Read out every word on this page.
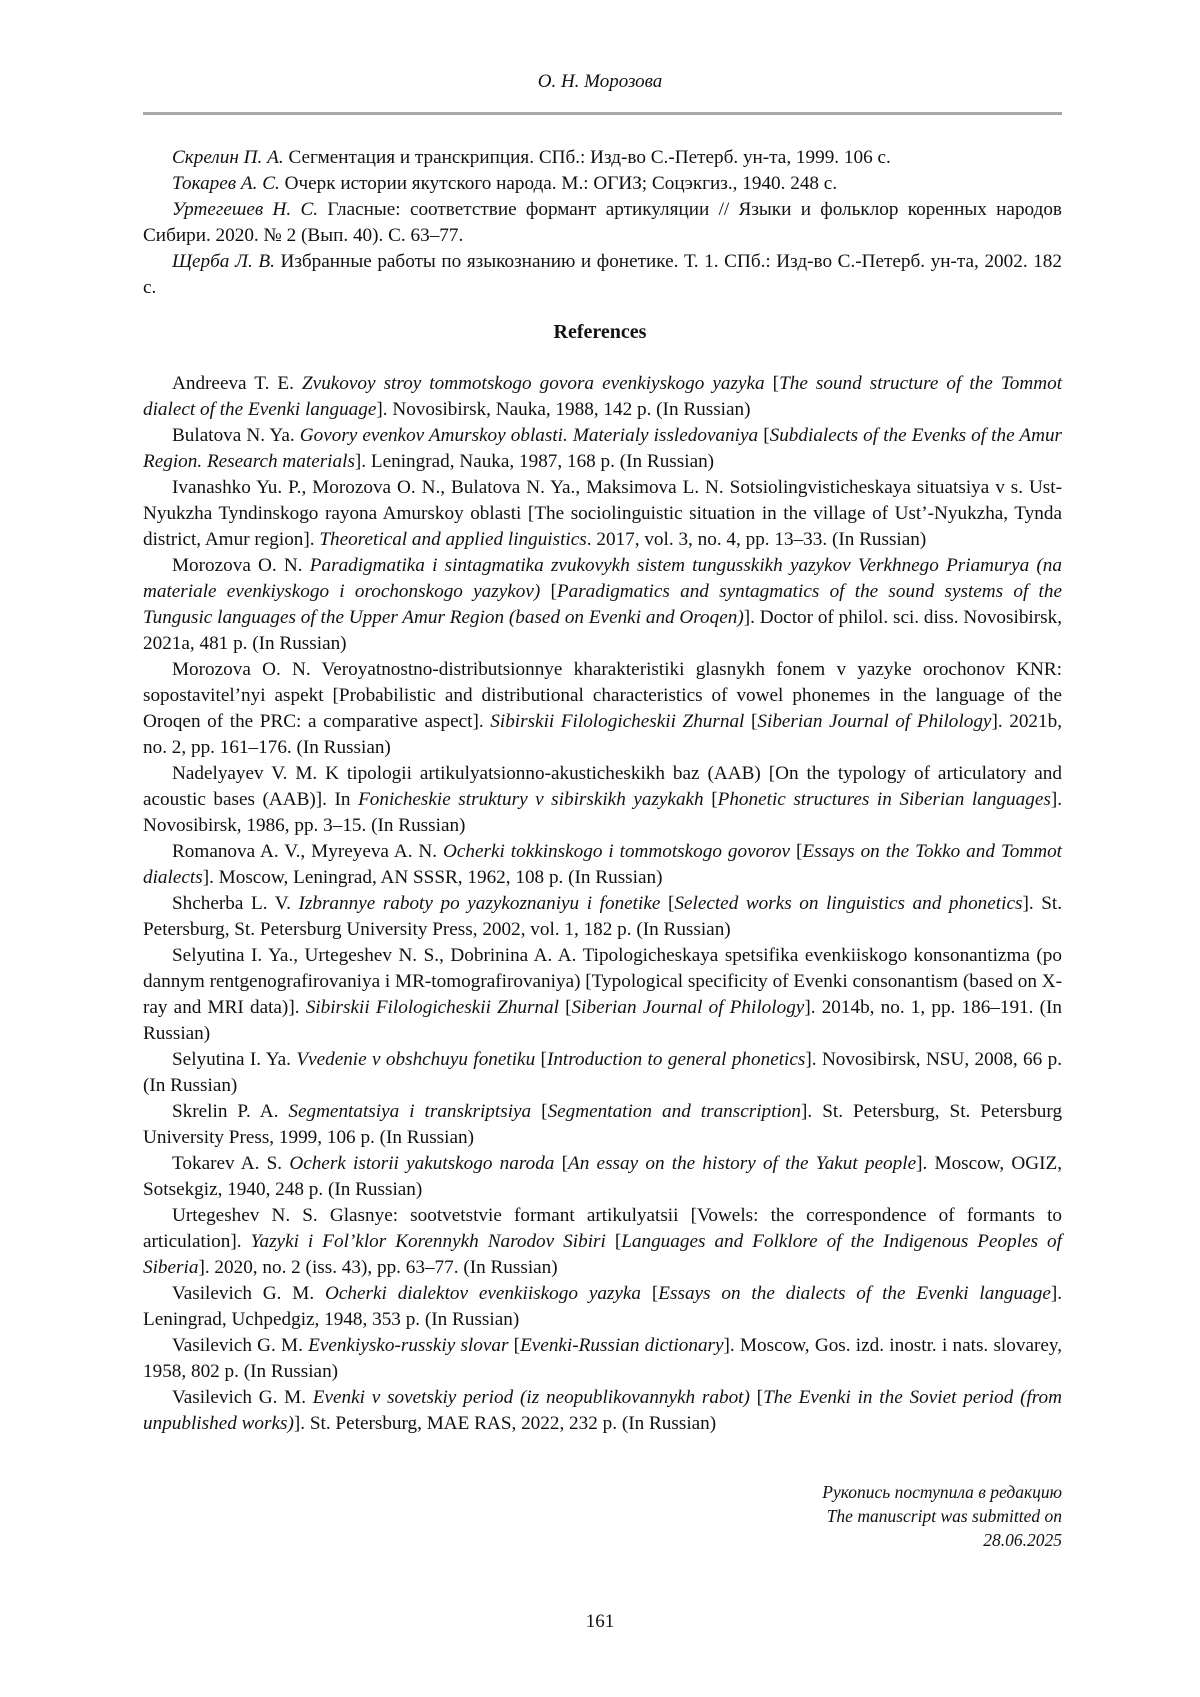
О. Н. Морозова

Скрелин П. А. Сегментация и транскрипция. СПб.: Изд-во С.-Петерб. ун-та, 1999. 106 с.

Токарев А. С. Очерк истории якутского народа. М.: ОГИЗ; Соцэкгиз., 1940. 248 с.

Уртегешев Н. С. Гласные: соответствие формант артикуляции // Языки и фольклор коренных народов Сибири. 2020. № 2 (Вып. 40). С. 63–77.

Щерба Л. В. Избранные работы по языкознанию и фонетике. Т. 1. СПб.: Изд-во С.-Петерб. ун-та, 2002. 182 с.

References

Andreeva T. E. Zvukovoy stroy tommotskogo govora evenkiyskogo yazyka [The sound structure of the Tommot dialect of the Evenki language]. Novosibirsk, Nauka, 1988, 142 p. (In Russian)

Bulatova N. Ya. Govory evenkov Amurskoy oblasti. Materialy issledovaniya [Subdialects of the Evenks of the Amur Region. Research materials]. Leningrad, Nauka, 1987, 168 p. (In Russian)

Ivanashko Yu. P., Morozova O. N., Bulatova N. Ya., Maksimova L. N. Sotsiolingvisticheskaya situatsiya v s. Ust-Nyukzha Tyndinskogo rayona Amurskoy oblasti [The sociolinguistic situation in the village of Ust’-Nyukzha, Tynda district, Amur region]. Theoretical and applied linguistics. 2017, vol. 3, no. 4, pp. 13–33. (In Russian)

Morozova O. N. Paradigmatika i sintagmatika zvukovykh sistem tungusskikh yazykov Verkhnego Priamurya (na materiale evenkiyskogo i orochonskogo yazykov) [Paradigmatics and syntagmatics of the sound systems of the Tungusic languages of the Upper Amur Region (based on Evenki and Oroqen)]. Doctor of philol. sci. diss. Novosibirsk, 2021a, 481 p. (In Russian)

Morozova O. N. Veroyatnostno-distributsionnye kharakteristiki glasnykh fonem v yazyke orochonov KNR: sopostavitel’nyi aspekt [Probabilistic and distributional characteristics of vowel phonemes in the language of the Oroqen of the PRC: a comparative aspect]. Sibirskii Filologicheskii Zhurnal [Siberian Journal of Philology]. 2021b, no. 2, pp. 161–176. (In Russian)

Nadelyayev V. M. K tipologii artikulyatsionno-akusticheskikh baz (AAB) [On the typology of articulatory and acoustic bases (AAB)]. In Fonicheskie struktury v sibirskikh yazykakh [Phonetic structures in Siberian languages]. Novosibirsk, 1986, pp. 3–15. (In Russian)

Romanova A. V., Myreyeva A. N. Ocherki tokkinskogo i tommotskogo govorov [Essays on the Tokko and Tommot dialects]. Moscow, Leningrad, AN SSSR, 1962, 108 p. (In Russian)

Shcherba L. V. Izbrannye raboty po yazykoznaniyu i fonetike [Selected works on linguistics and phonetics]. St. Petersburg, St. Petersburg University Press, 2002, vol. 1, 182 p. (In Russian)

Selyutina I. Ya., Urtegeshev N. S., Dobrinina A. A. Tipologicheskaya spetsifika evenkiiskogo konsonantizma (po dannym rentgenografirovaniya i MR-tomografirovaniya) [Typological specificity of Evenki consonantism (based on X-ray and MRI data)]. Sibirskii Filologicheskii Zhurnal [Siberian Journal of Philology]. 2014b, no. 1, pp. 186–191. (In Russian)

Selyutina I. Ya. Vvedenie v obshchuyu fonetiku [Introduction to general phonetics]. Novosibirsk, NSU, 2008, 66 p. (In Russian)

Skrelin P. A. Segmentatsiya i transkriptsiya [Segmentation and transcription]. St. Petersburg, St. Petersburg University Press, 1999, 106 p. (In Russian)

Tokarev A. S. Ocherk istorii yakutskogo naroda [An essay on the history of the Yakut people]. Moscow, OGIZ, Sotsekgiz, 1940, 248 p. (In Russian)

Urtegeshev N. S. Glasnye: sootvetstvie formant artikulyatsii [Vowels: the correspondence of formants to articulation]. Yazyki i Fol’klor Korennykh Narodov Sibiri [Languages and Folklore of the Indigenous Peoples of Siberia]. 2020, no. 2 (iss. 43), pp. 63–77. (In Russian)

Vasilevich G. M. Ocherki dialektov evenkiiskogo yazyka [Essays on the dialects of the Evenki language]. Leningrad, Uchpedgiz, 1948, 353 p. (In Russian)

Vasilevich G. M. Evenkiysko-russkiy slovar [Evenki-Russian dictionary]. Moscow, Gos. izd. inostr. i nats. slovarey, 1958, 802 p. (In Russian)

Vasilevich G. M. Evenki v sovetskiy period (iz neopublikovannykh rabot) [The Evenki in the Soviet period (from unpublished works)]. St. Petersburg, MAE RAS, 2022, 232 p. (In Russian)

Рукопись поступила в редакцию
The manuscript was submitted on
28.06.2025
161
